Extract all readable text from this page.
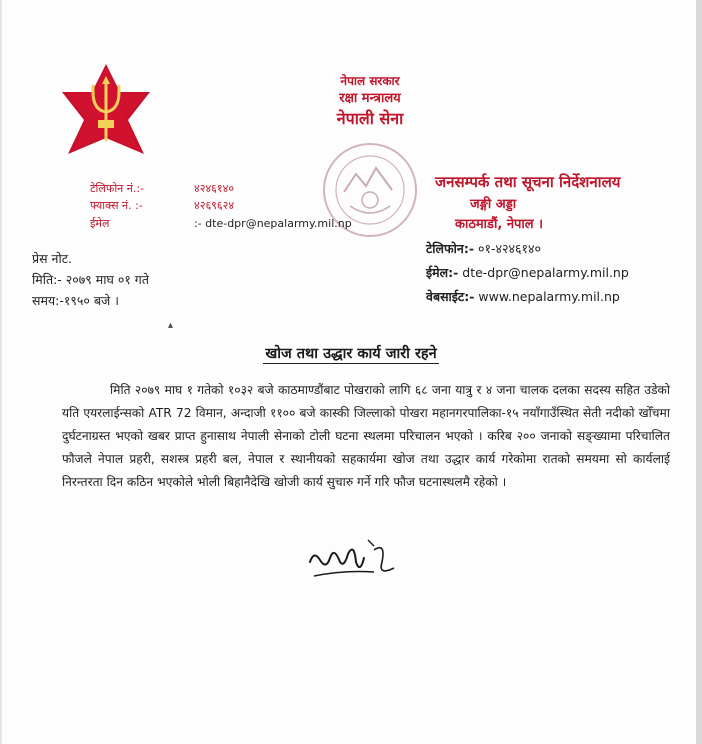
नेपाल सरकार
रक्षा मन्त्रालय
नेपाली सेना
टेलिफोन नं.:-	४२४६१४०
फ्याक्स नं. :-	४२६९६२४
ईमेल	:- dte-dpr@nepalarmy.mil.np
जनसम्पर्क तथा सूचना निर्देशनालय
जङ्गी अड्डा
काठमाडौं, नेपाल ।
टेलिफोन:- ०१-४२४६१४०
ईमेल:- dte-dpr@nepalarmy.mil.np
वेबसाईट:- www.nepalarmy.mil.np
प्रेस नोट.
मिति:- २०७९ माघ ०१ गते
समय:-१९५० बजे ।
▴
खोज तथा उद्धार कार्य जारी रहने
मिति २०७९ माघ १ गतेको १०३२ बजे काठमाण्डौंबाट पोखराको लागि ६८ जना यात्रु र ४ जना चालक दलका सदस्य सहित उडेको यति एयरलाईन्सको ATR 72 विमान, अन्दाजी ११०० बजे कास्की जिल्लाको पोखरा महानगरपालिका-१५ नयाँगाउँस्थित सेती नदीको खोँचमा दुर्घटनाग्रस्त भएको खबर प्राप्त हुनासाथ नेपाली सेनाको टोली घटना स्थलमा परिचालन भएको । करिब २०० जनाको सङ्ख्यामा परिचालित फौजले नेपाल प्रहरी, सशस्त्र प्रहरी बल, नेपाल र स्थानीयको सहकार्यमा खोज तथा उद्धार कार्य गरेकोमा रातको समयमा सो कार्यलाई निरन्तरता दिन कठिन भएकोले भोली बिहानैदेखि खोजी कार्य सुचारु गर्ने गरि फौज घटनास्थलमै रहेको ।
